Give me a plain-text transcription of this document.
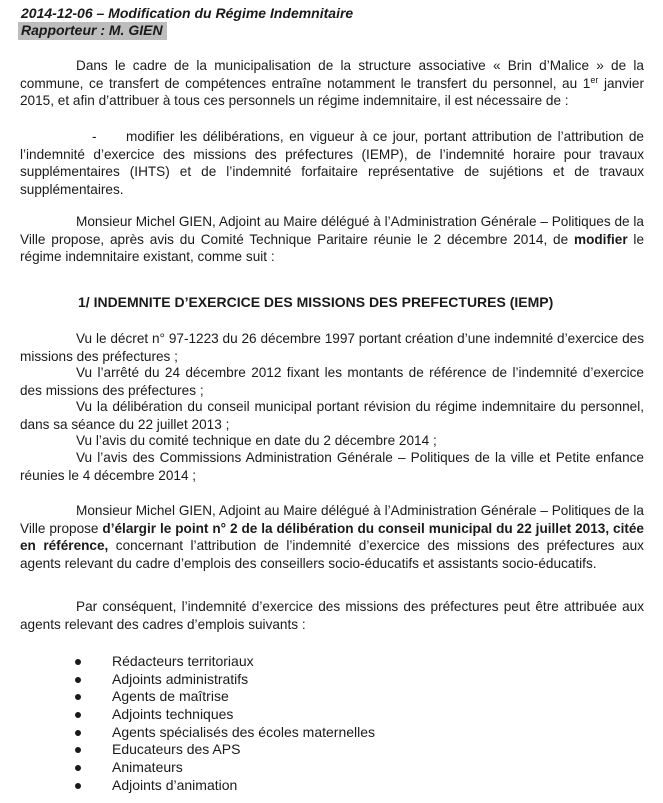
2014-12-06 – Modification du Régime Indemnitaire
Rapporteur : M. GIEN

Dans le cadre de la municipalisation de la structure associative « Brin d’Malice » de la commune, ce transfert de compétences entraîne notamment le transfert du personnel, au 1er janvier 2015, et afin d’attribuer à tous ces personnels un régime indemnitaire, il est nécessaire de :

- modifier les délibérations, en vigueur à ce jour, portant attribution de l’attribution de l’indemnité d’exercice des missions des préfectures (IEMP), de l’indemnité horaire pour travaux supplémentaires (IHTS) et de l’indemnité forfaitaire représentative de sujétions et de travaux supplémentaires.

Monsieur Michel GIEN, Adjoint au Maire délégué à l’Administration Générale – Politiques de la Ville propose, après avis du Comité Technique Paritaire réunie le 2 décembre 2014, de modifier le régime indemnitaire existant, comme suit :

1/ INDEMNITE D’EXERCICE DES MISSIONS DES PREFECTURES (IEMP)

Vu le décret n° 97-1223 du 26 décembre 1997 portant création d’une indemnité d’exercice des missions des préfectures ;

Vu l’arrêté du 24 décembre 2012 fixant les montants de référence de l’indemnité d’exercice des missions des préfectures ;

Vu la délibération du conseil municipal portant révision du régime indemnitaire du personnel, dans sa séance du 22 juillet 2013 ;

Vu l’avis du comité technique en date du 2 décembre 2014 ;

Vu l’avis des Commissions Administration Générale – Politiques de la ville et Petite enfance réunies le 4 décembre 2014 ;

Monsieur Michel GIEN, Adjoint au Maire délégué à l’Administration Générale – Politiques de la Ville propose d’élargir le point n° 2 de la délibération du conseil municipal du 22 juillet 2013, citée en référence, concernant l’attribution de l’indemnité d’exercice des missions des préfectures aux agents relevant du cadre d’emplois des conseillers socio-éducatifs et assistants socio-éducatifs.

Par conséquent, l’indemnité d’exercice des missions des préfectures peut être attribuée aux agents relevant des cadres d’emplois suivants :

Rédacteurs territoriaux
Adjoints administratifs
Agents de maîtrise
Adjoints techniques
Agents spécialisés des écoles maternelles
Educateurs des APS
Animateurs
Adjoints d’animation
